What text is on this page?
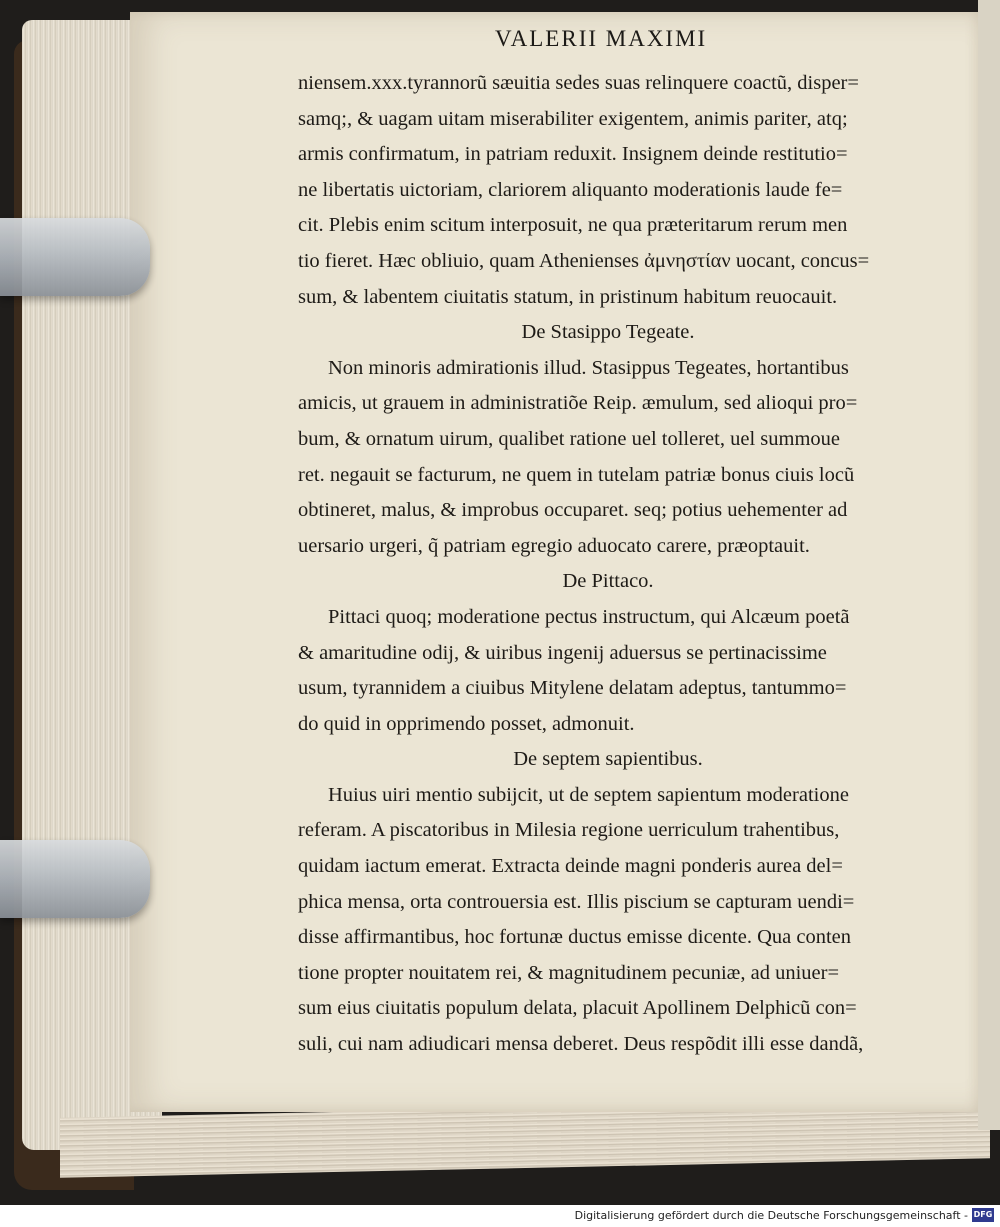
VALERII MAXIMI
niensem.xxx.tyrannorũ sæuitia sedes suas relinquere coactũ, disper=
samq;, & uagam uitam miserabiliter exigentem, animis pariter, atq;
armis confirmatum, in patriam reduxit. Insignem deinde restitutio=
ne libertatis uictoriam, clariorem aliquanto moderationis laude fe=
cit. Plebis enim scitum interposuit, ne qua præteritarum rerum men
tio fieret. Hæc obliuio, quam Athenienses ἀμνηστίαν uocant, concus=
sum, & labentem ciuitatis statum, in pristinum habitum reuocauit.
De Stasippo Tegeate.
Non minoris admirationis illud. Stasippus Tegeates, hortantibus
amicis, ut grauem in administratiõe Reip. æmulum, sed alioqui pro=
bum, & ornatum uirum, qualibet ratione uel tolleret, uel summoue
ret. negauit se facturum, ne quem in tutelam patriæ bonus ciuis locũ
obtineret, malus, & improbus occuparet. seq; potius uehementer ad
uersario urgeri, q̃ patriam egregio aduocato carere, præoptauit.
De Pittaco.
Pittaci quoq; moderatione pectus instructum, qui Alcæum poetã
& amaritudine odij, & uiribus ingenij aduersus se pertinacissime
usum, tyrannidem a ciuibus Mitylene delatam adeptus, tantummo=
do quid in opprimendo posset, admonuit.
De septem sapientibus.
Huius uiri mentio subijcit, ut de septem sapientum moderatione
referam. A piscatoribus in Milesia regione uerriculum trahentibus,
quidam iactum emerat. Extracta deinde magni ponderis aurea del=
phica mensa, orta controuersia est. Illis piscium se capturam uendi=
disse affirmantibus, hoc fortunæ ductus emisse dicente. Qua conten
tione propter nouitatem rei, & magnitudinem pecuniæ, ad uniuer=
sum eius ciuitatis populum delata, placuit Apollinem Delphicũ con=
suli, cui nam adiudicari mensa deberet. Deus respõdit illi esse dandã,
Digitalisierung gefördert durch die Deutsche Forschungsgemeinschaft - DFG
